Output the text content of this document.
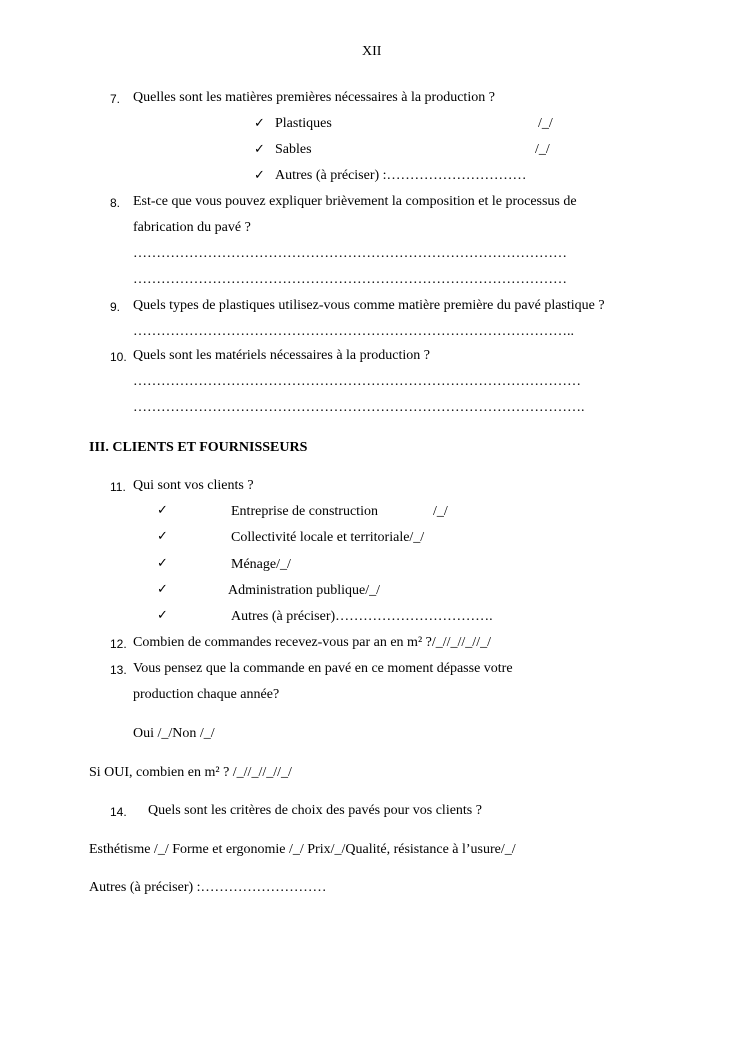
XII
7. Quelles sont les matières premières nécessaires à la production ?
✓ Plastiques	/_/
✓ Sables	/_/
✓ Autres (à préciser) :…………………………
8. Est-ce que vous pouvez expliquer brièvement la composition et le processus de
fabrication du pavé ?
…………………………………………………………………………………
…………………………………………………………………………………
9. Quels types de plastiques utilisez-vous comme matière première du pavé plastique ?
…………………………………………………………………………………..
10. Quels sont les matériels nécessaires à la production ?
……………………………………………………………………………………
…………………………………………………………………………………….
III. CLIENTS ET FOURNISSEURS
11. Qui sont vos clients ?
✓	Entreprise de construction	/_/
✓	Collectivité locale et territoriale/_/
✓	Ménage/_/
✓	Administration publique/_/
✓	Autres (à préciser)…………………………….
12. Combien de commandes recevez-vous par an en m² ?/_//_//_//_/
13. Vous pensez que la commande en pavé en ce moment dépasse votre
production chaque année?
Oui /_/Non /_/
Si OUI, combien en m² ? /_//_//_//_/
14. Quels sont les critères de choix des pavés pour vos clients ?
Esthétisme /_/ Forme et ergonomie /_/ Prix/_/Qualité, résistance à l’usure/_/
Autres (à préciser) :………………………
